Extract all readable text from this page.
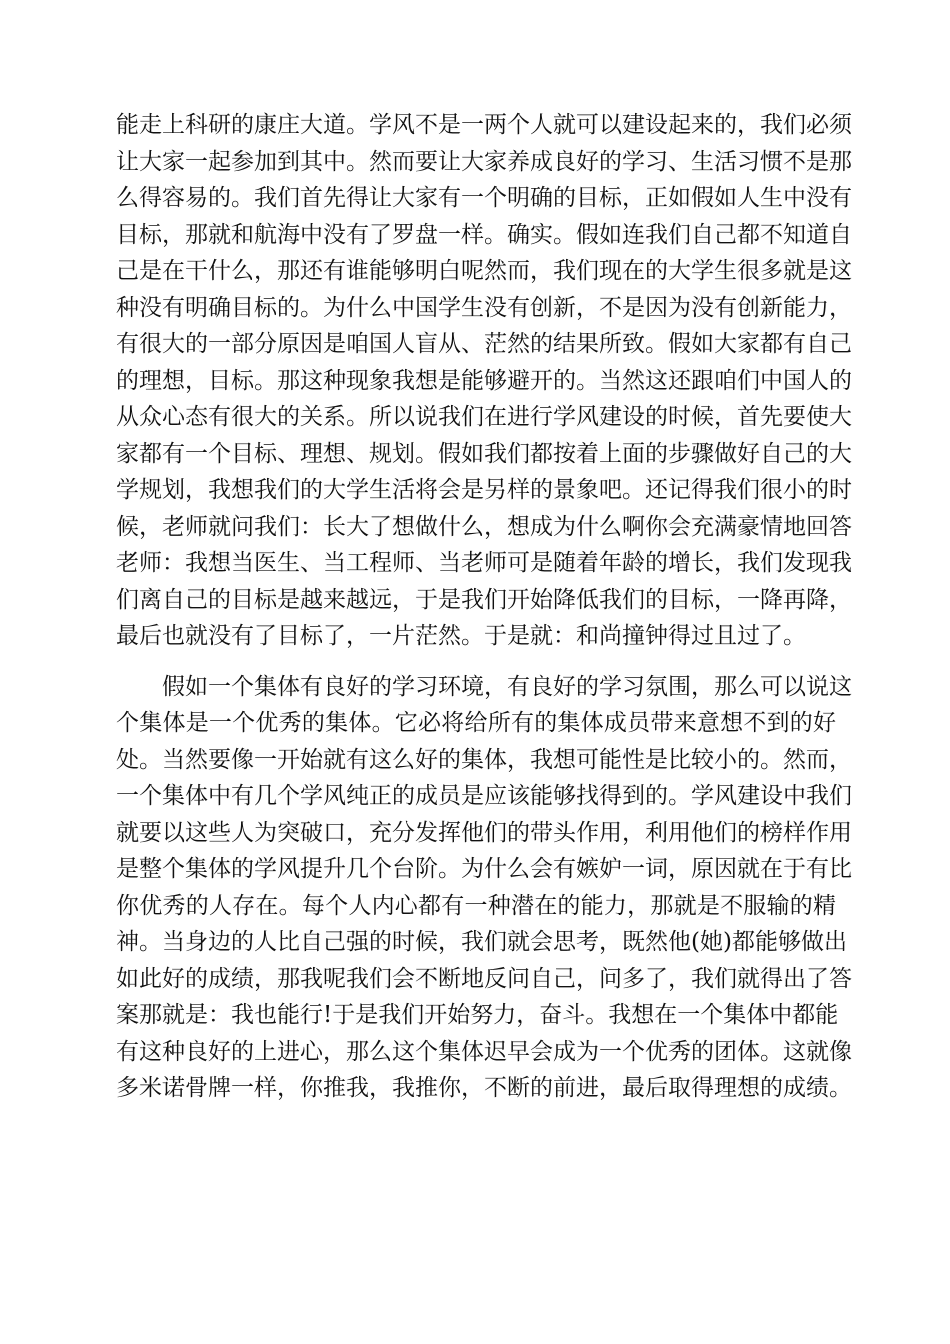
能走上科研的康庄大道。学风不是一两个人就可以建设起来的，我们必须
让大家一起参加到其中。然而要让大家养成良好的学习、生活习惯不是那
么得容易的。我们首先得让大家有一个明确的目标，正如假如人生中没有
目标，那就和航海中没有了罗盘一样。确实。假如连我们自己都不知道自
己是在干什么，那还有谁能够明白呢然而，我们现在的大学生很多就是这
种没有明确目标的。为什么中国学生没有创新，不是因为没有创新能力，
有很大的一部分原因是咱国人盲从、茫然的结果所致。假如大家都有自己
的理想，目标。那这种现象我想是能够避开的。当然这还跟咱们中国人的
从众心态有很大的关系。所以说我们在进行学风建设的时候，首先要使大
家都有一个目标、理想、规划。假如我们都按着上面的步骤做好自己的大
学规划，我想我们的大学生活将会是另样的景象吧。还记得我们很小的时
候，老师就问我们：长大了想做什么，想成为什么啊你会充满豪情地回答
老师：我想当医生、当工程师、当老师可是随着年龄的增长，我们发现我
们离自己的目标是越来越远，于是我们开始降低我们的目标，一降再降，
最后也就没有了目标了，一片茫然。于是就：和尚撞钟得过且过了。
假如一个集体有良好的学习环境，有良好的学习氛围，那么可以说这
个集体是一个优秀的集体。它必将给所有的集体成员带来意想不到的好
处。当然要像一开始就有这么好的集体，我想可能性是比较小的。然而，
一个集体中有几个学风纯正的成员是应该能够找得到的。学风建设中我们
就要以这些人为突破口，充分发挥他们的带头作用，利用他们的榜样作用
是整个集体的学风提升几个台阶。为什么会有嫉妒一词，原因就在于有比
你优秀的人存在。每个人内心都有一种潜在的能力，那就是不服输的精
神。当身边的人比自己强的时候，我们就会思考，既然他(她)都能够做出
如此好的成绩，那我呢我们会不断地反问自己，问多了，我们就得出了答
案那就是：我也能行!于是我们开始努力，奋斗。我想在一个集体中都能
有这种良好的上进心，那么这个集体迟早会成为一个优秀的团体。这就像
多米诺骨牌一样，你推我，我推你，不断的前进，最后取得理想的成绩。
